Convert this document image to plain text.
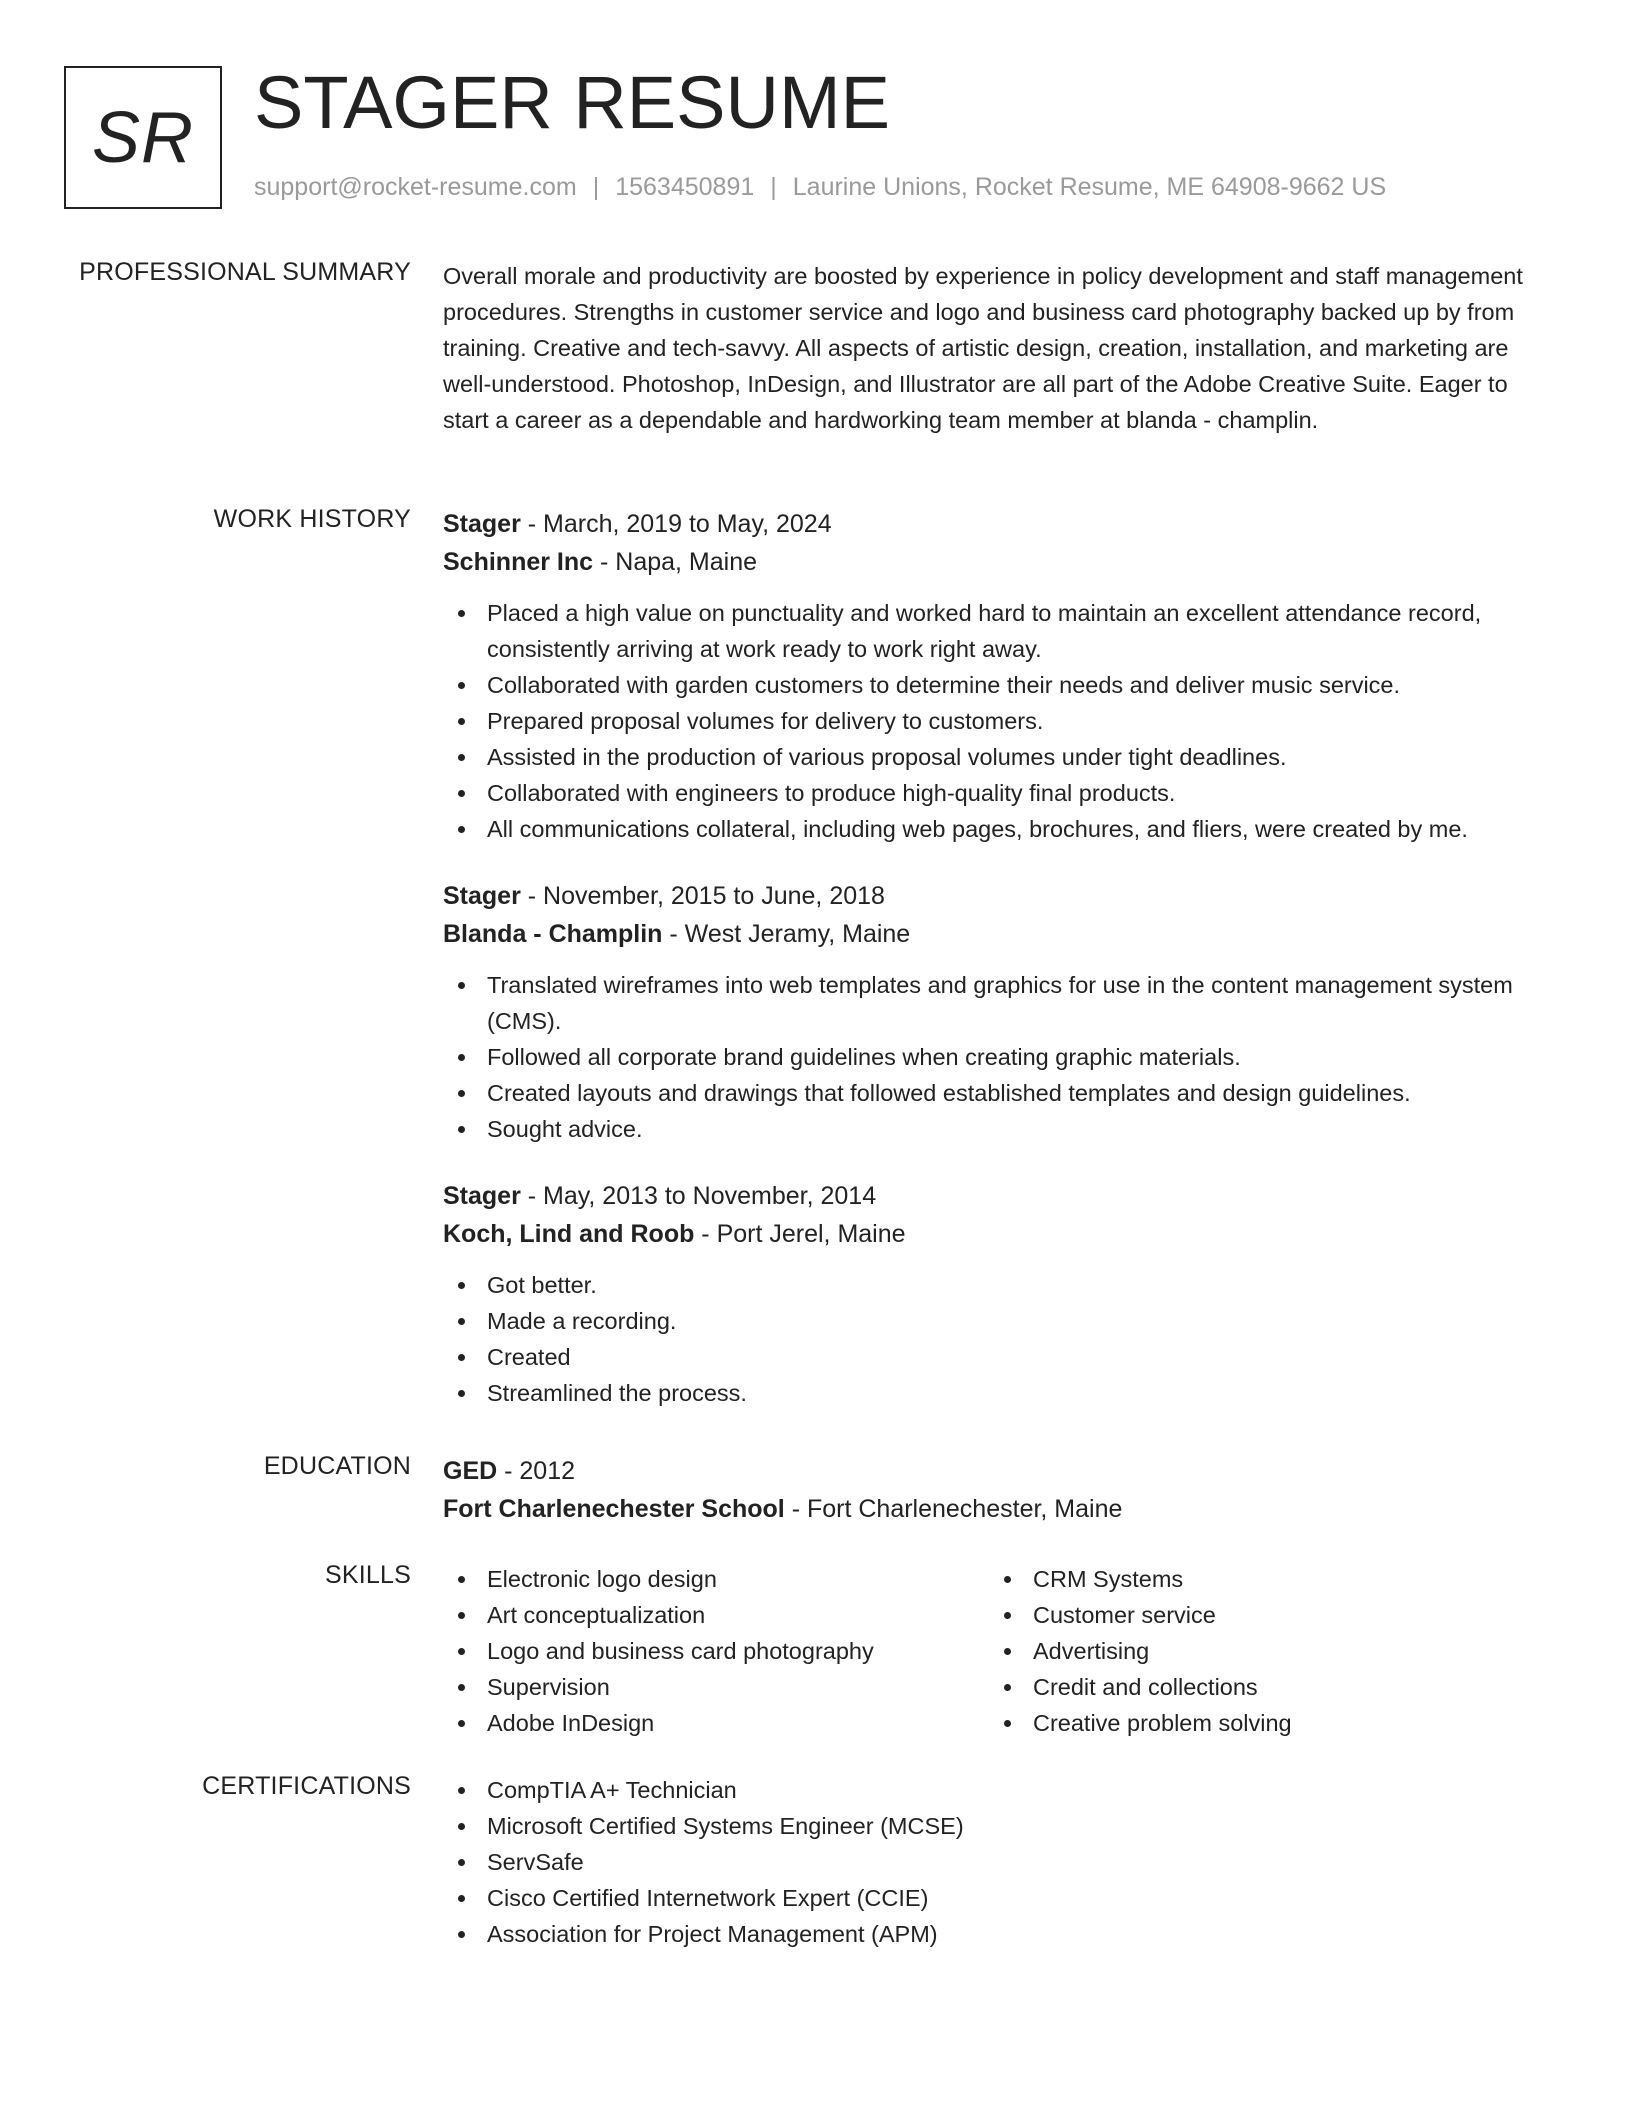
SR STAGER RESUME
support@rocket-resume.com | 1563450891 | Laurine Unions, Rocket Resume, ME 64908-9662 US
PROFESSIONAL SUMMARY Overall morale and productivity are boosted by experience in policy development and staff management procedures. Strengths in customer service and logo and business card photography backed up by from training. Creative and tech-savvy. All aspects of artistic design, creation, installation, and marketing are well-understood. Photoshop, InDesign, and Illustrator are all part of the Adobe Creative Suite. Eager to start a career as a dependable and hardworking team member at blanda - champlin.

WORK HISTORY Stager - March, 2019 to May, 2024
Schinner Inc - Napa, Maine
Placed a high value on punctuality and worked hard to maintain an excellent attendance record, consistently arriving at work ready to work right away.
Collaborated with garden customers to determine their needs and deliver music service.
Prepared proposal volumes for delivery to customers.
Assisted in the production of various proposal volumes under tight deadlines.
Collaborated with engineers to produce high-quality final products.
All communications collateral, including web pages, brochures, and fliers, were created by me.
Stager - November, 2015 to June, 2018
Blanda - Champlin - West Jeramy, Maine
Translated wireframes into web templates and graphics for use in the content management system (CMS).
Followed all corporate brand guidelines when creating graphic materials.
Created layouts and drawings that followed established templates and design guidelines.
Sought advice.
Stager - May, 2013 to November, 2014
Koch, Lind and Roob - Port Jerel, Maine
Got better.
Made a recording.
Created
Streamlined the process.
EDUCATION GED - 2012
Fort Charlenechester School - Fort Charlenechester, Maine
SKILLS	Electronic logo design
Art conceptualization
Logo and business card photography
Supervision
Adobe InDesign
CRM Systems
Customer service
Advertising
Credit and collections
Creative problem solving
CERTIFICATIONS	CompTIA A+ Technician
Microsoft Certified Systems Engineer (MCSE)
ServSafe
Cisco Certified Internetwork Expert (CCIE)
Association for Project Management (APM)
